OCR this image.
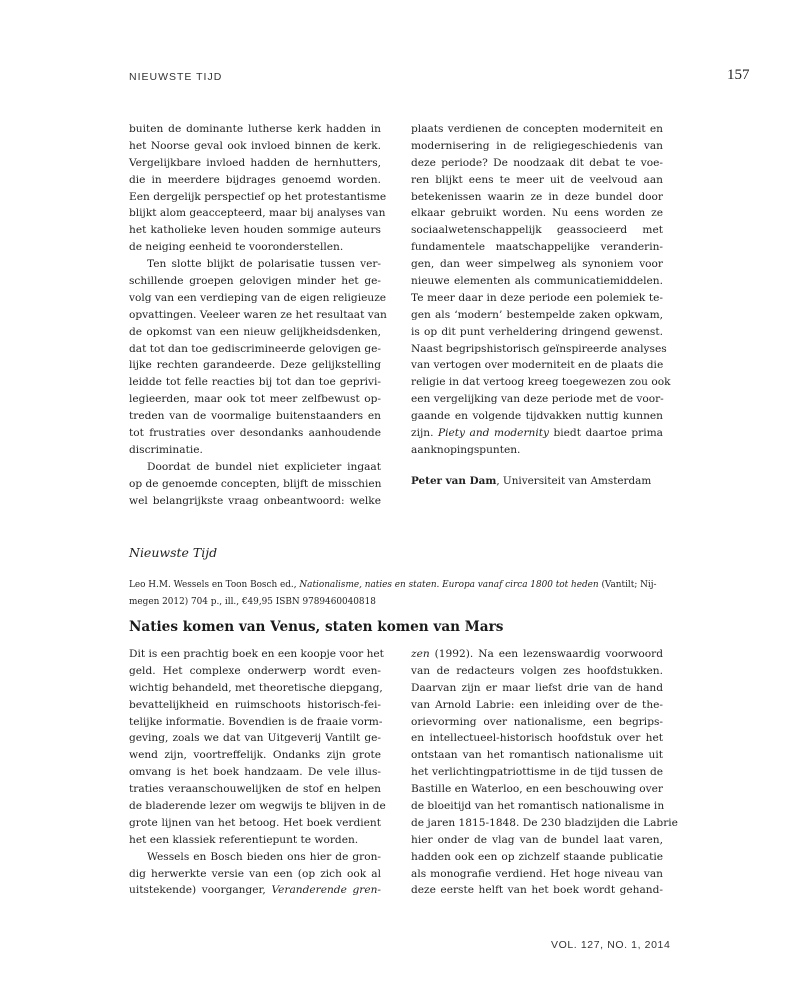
NIEUWSTE TIJD	157
buiten de dominante lutherse kerk hadden in
het Noorse geval ook invloed binnen de kerk.
Vergelijkbare invloed hadden de hernhutters,
die in meerdere bijdrages genoemd worden.
Een dergelijk perspectief op het protestantisme
blijkt alom geaccepteerd, maar bij analyses van
het katholieke leven houden sommige auteurs
de neiging eenheid te vooronderstellen.
Ten slotte blijkt de polarisatie tussen ver-
schillende groepen gelovigen minder het ge-
volg van een verdieping van de eigen religieuze
opvattingen. Veeleer waren ze het resultaat van
de opkomst van een nieuw gelijkheidsdenken,
dat tot dan toe gediscrimineerde gelovigen ge-
lijke rechten garandeerde. Deze gelijkstelling
leidde tot felle reacties bij tot dan toe geprivi-
legieerden, maar ook tot meer zelfbewust op-
treden van de voormalige buitenstaanders en
tot frustraties over desondanks aanhoudende
discriminatie.
Doordat de bundel niet explicieter ingaat
op de genoemde concepten, blijft de misschien
wel belangrijkste vraag onbeantwoord: welke
plaats verdienen de concepten moderniteit en
modernisering in de religiegeschiedenis van
deze periode? De noodzaak dit debat te voe-
ren blijkt eens te meer uit de veelvoud aan
betekenissen waarin ze in deze bundel door
elkaar gebruikt worden. Nu eens worden ze
sociaalwetenschappelijk geassocieerd met
fundamentele maatschappelijke veranderin-
gen, dan weer simpelweg als synoniem voor
nieuwe elementen als communicatiemiddelen.
Te meer daar in deze periode een polemiek te-
gen als ‘modern’ bestempelde zaken opkwam,
is op dit punt verheldering dringend gewenst.
Naast begripshistorisch geïnspireerde analyses
van vertogen over moderniteit en de plaats die
religie in dat vertoog kreeg toegewezen zou ook
een vergelijking van deze periode met de voor-
gaande en volgende tijdvakken nuttig kunnen
zijn. Piety and modernity biedt daartoe prima
aanknopingspunten.
Peter van Dam, Universiteit van Amsterdam
Nieuwste Tijd
Leo H.M. Wessels en Toon Bosch ed., Nationalisme, naties en staten. Europa vanaf circa 1800 tot heden (Vantilt; Nij-
megen 2012) 704 p., ill., €49,95 ISBN 9789460040818
Naties komen van Venus, staten komen van Mars
Dit is een prachtig boek en een koopje voor het
geld. Het complexe onderwerp wordt even-
wichtig behandeld, met theoretische diepgang,
bevattelijkheid en ruimschoots historisch-fei-
telijke informatie. Bovendien is de fraaie vorm-
geving, zoals we dat van Uitgeverij Vantilt ge-
wend zijn, voortreffelijk. Ondanks zijn grote
omvang is het boek handzaam. De vele illus-
traties veraanschouwelijken de stof en helpen
de bladerende lezer om wegwijs te blijven in de
grote lijnen van het betoog. Het boek verdient
het een klassiek referentiepunt te worden.
Wessels en Bosch bieden ons hier de gron-
dig herwerkte versie van een (op zich ook al
uitstekende) voorganger, Veranderende gren-
zen (1992). Na een lezenswaardig voorwoord
van de redacteurs volgen zes hoofdstukken.
Daarvan zijn er maar liefst drie van de hand
van Arnold Labrie: een inleiding over de the-
orievorming over nationalisme, een begrips-
en intellectueel-historisch hoofdstuk over het
ontstaan van het romantisch nationalisme uit
het verlichtingpatriottisme in de tijd tussen de
Bastille en Waterloo, en een beschouwing over
de bloeitijd van het romantisch nationalisme in
de jaren 1815-1848. De 230 bladzijden die Labrie
hier onder de vlag van de bundel laat varen,
hadden ook een op zichzelf staande publicatie
als monografie verdiend. Het hoge niveau van
deze eerste helft van het boek wordt gehand-
VOL. 127, NO. 1, 2014
